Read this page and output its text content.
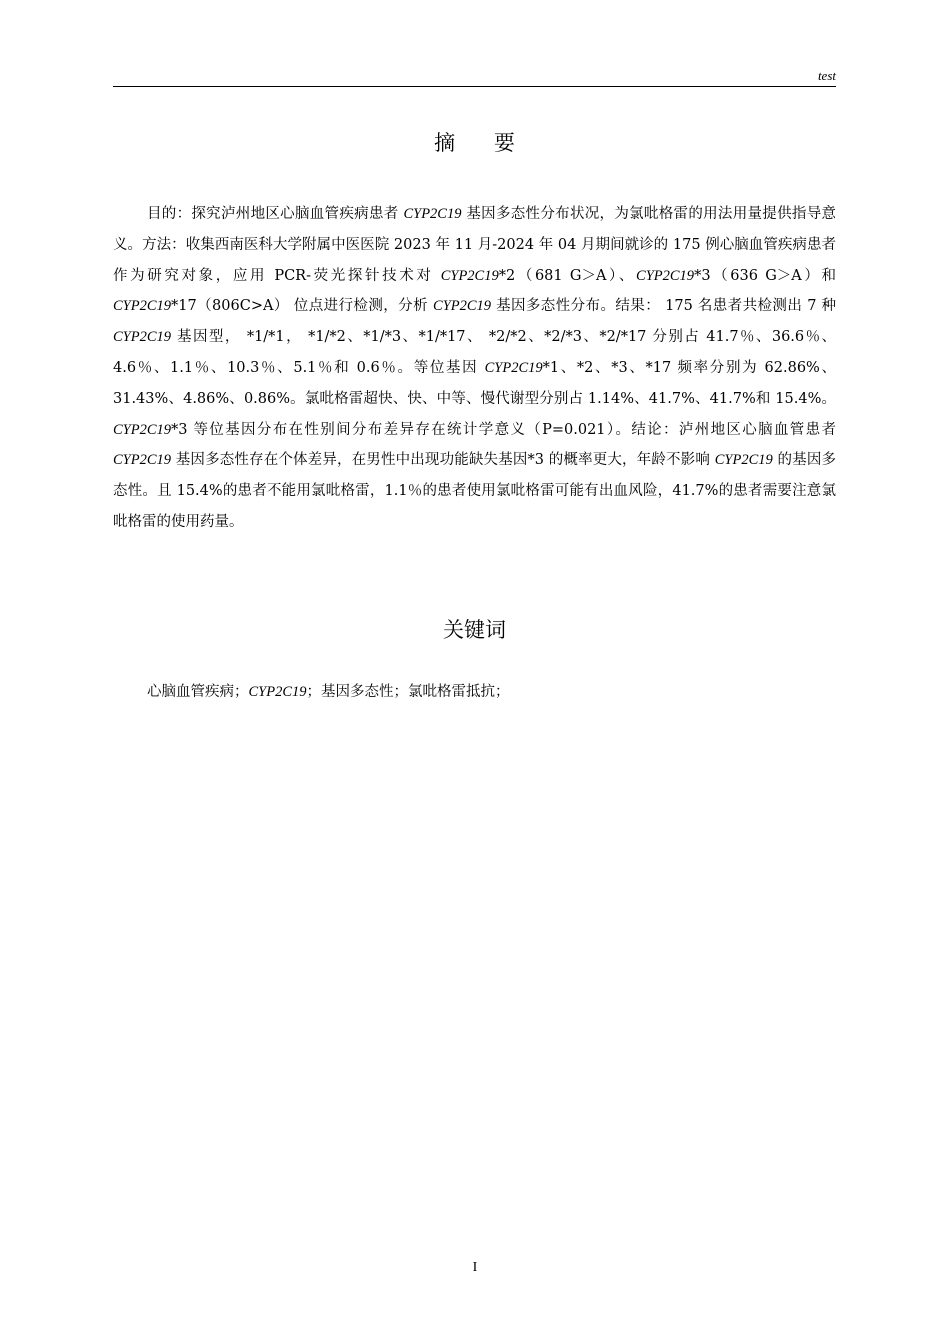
test
摘 要
目的：探究泸州地区心脑血管疾病患者 CYP2C19 基因多态性分布状况，为氯吡格雷的用法用量提供指导意义。方法：收集西南医科大学附属中医医院 2023 年 11 月-2024 年 04 月期间就诊的 175 例心脑血管疾病患者作为研究对象，应用 PCR-荧光探针技术对 CYP2C19*2（681 G＞A）、CYP2C19*3（636 G＞A）和 CYP2C19*17（806C>A） 位点进行检测，分析 CYP2C19 基因多态性分布。结果： 175 名患者共检测出 7 种 CYP2C19 基因型， *1/*1， *1/*2、*1/*3、*1/*17、 *2/*2、*2/*3、*2/*17 分别占 41.7％、36.6％、4.6％、1.1％、10.3％、5.1％和 0.6％。等位基因 CYP2C19*1、*2、*3、*17 频率分别为 62.86%、31.43%、4.86%、0.86%。氯吡格雷超快、快、中等、慢代谢型分别占 1.14%、41.7%、41.7%和 15.4%。CYP2C19*3 等位基因分布在性别间分布差异存在统计学意义（P=0.021）。结论：泸州地区心脑血管患者 CYP2C19 基因多态性存在个体差异，在男性中出现功能缺失基因*3 的概率更大，年龄不影响 CYP2C19 的基因多态性。且 15.4%的患者不能用氯吡格雷，1.1％的患者使用氯吡格雷可能有出血风险，41.7%的患者需要注意氯吡格雷的使用药量。
关键词
心脑血管疾病；CYP2C19；基因多态性；氯吡格雷抵抗；
I
